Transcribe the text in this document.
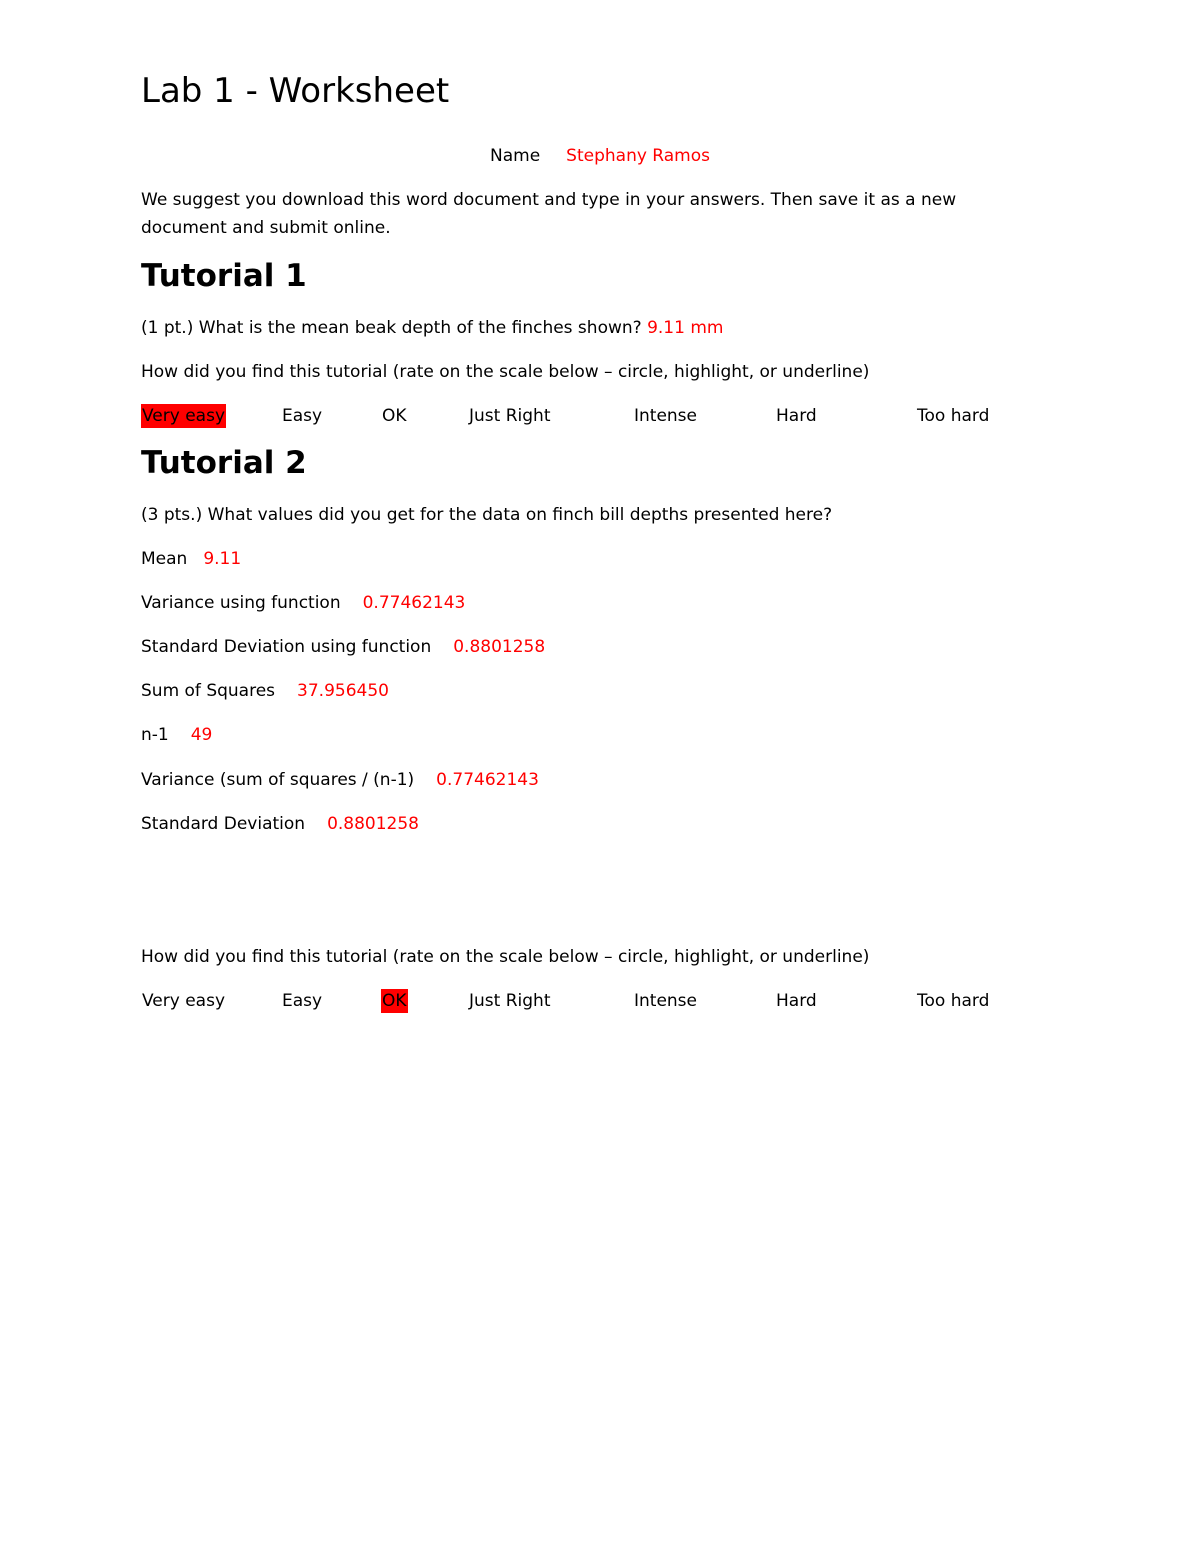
Lab 1 - Worksheet
Name Stephany Ramos
We suggest you download this word document and type in your answers. Then save it as a new document and submit online.
Tutorial 1
(1 pt.) What is the mean beak depth of the finches shown? 9.11 mm
How did you find this tutorial (rate on the scale below – circle, highlight, or underline)
Very easy	Easy	OK	Just Right	Intense	Hard	Too hard
Tutorial 2
(3 pts.) What values did you get for the data on finch bill depths presented here?
Mean 9.11
Variance using function 0.77462143
Standard Deviation using function 0.8801258
Sum of Squares 37.956450
n-1 49
Variance (sum of squares / (n-1) 0.77462143
Standard Deviation 0.8801258
How did you find this tutorial (rate on the scale below – circle, highlight, or underline)
Very easy	Easy	OK	Just Right	Intense	Hard	Too hard
